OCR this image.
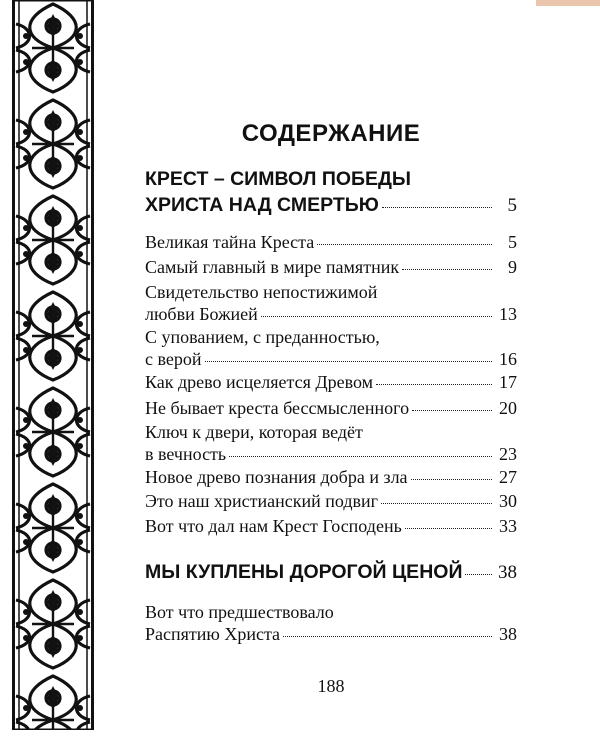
СОДЕРЖАНИЕ
КРЕСТ – СИМВОЛ ПОБЕДЫ
ХРИСТА НАД СМЕРТЬЮ	5
Великая тайна Креста	5
Самый главный в мире памятник	9
Свидетельство непостижимой
любви Божией	13
С упованием, с преданностью,
с верой	16
Как древо исцеляется Древом	17
Не бывает креста бессмысленного	20
Ключ к двери, которая ведёт
в вечность	23
Новое древо познания добра и зла	27
Это наш христианский подвиг	30
Вот что дал нам Крест Господень	33
МЫ КУПЛЕНЫ ДОРОГОЙ ЦЕНОЙ 38
Вот что предшествовало
Распятию Христа	38
188
